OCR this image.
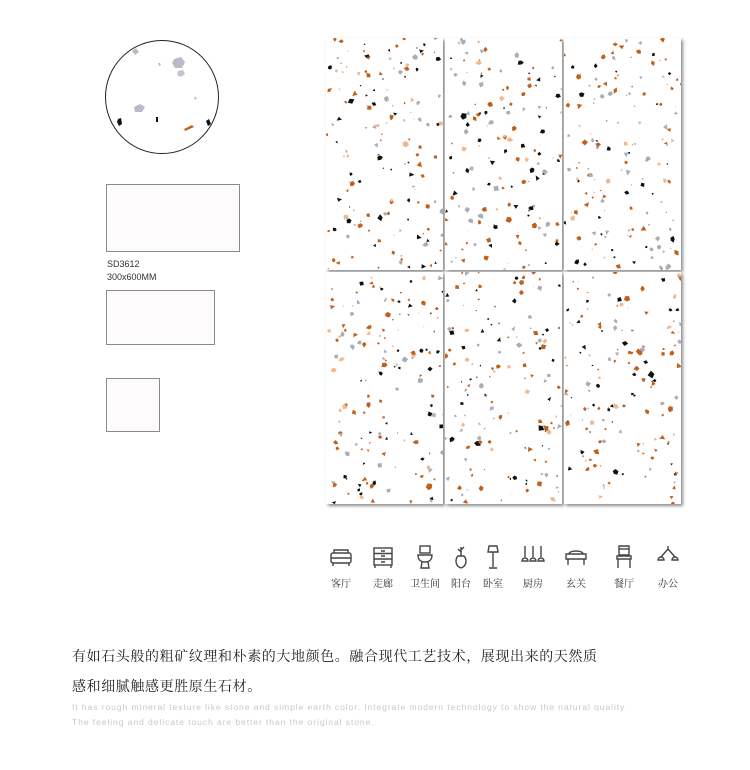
SD3612
300x600MM
客厅	走廊	卫生间	阳台	卧室	厨房	玄关	餐厅	办公
有如石头般的粗矿纹理和朴素的大地颜色。融合现代工艺技术，展现出来的天然质
感和细腻触感更胜原生石材。
It has rough mineral texture like stone and simple earth color. Integrate modern technology to show the natural quality
The feeling and delicate touch are better than the original stone.
